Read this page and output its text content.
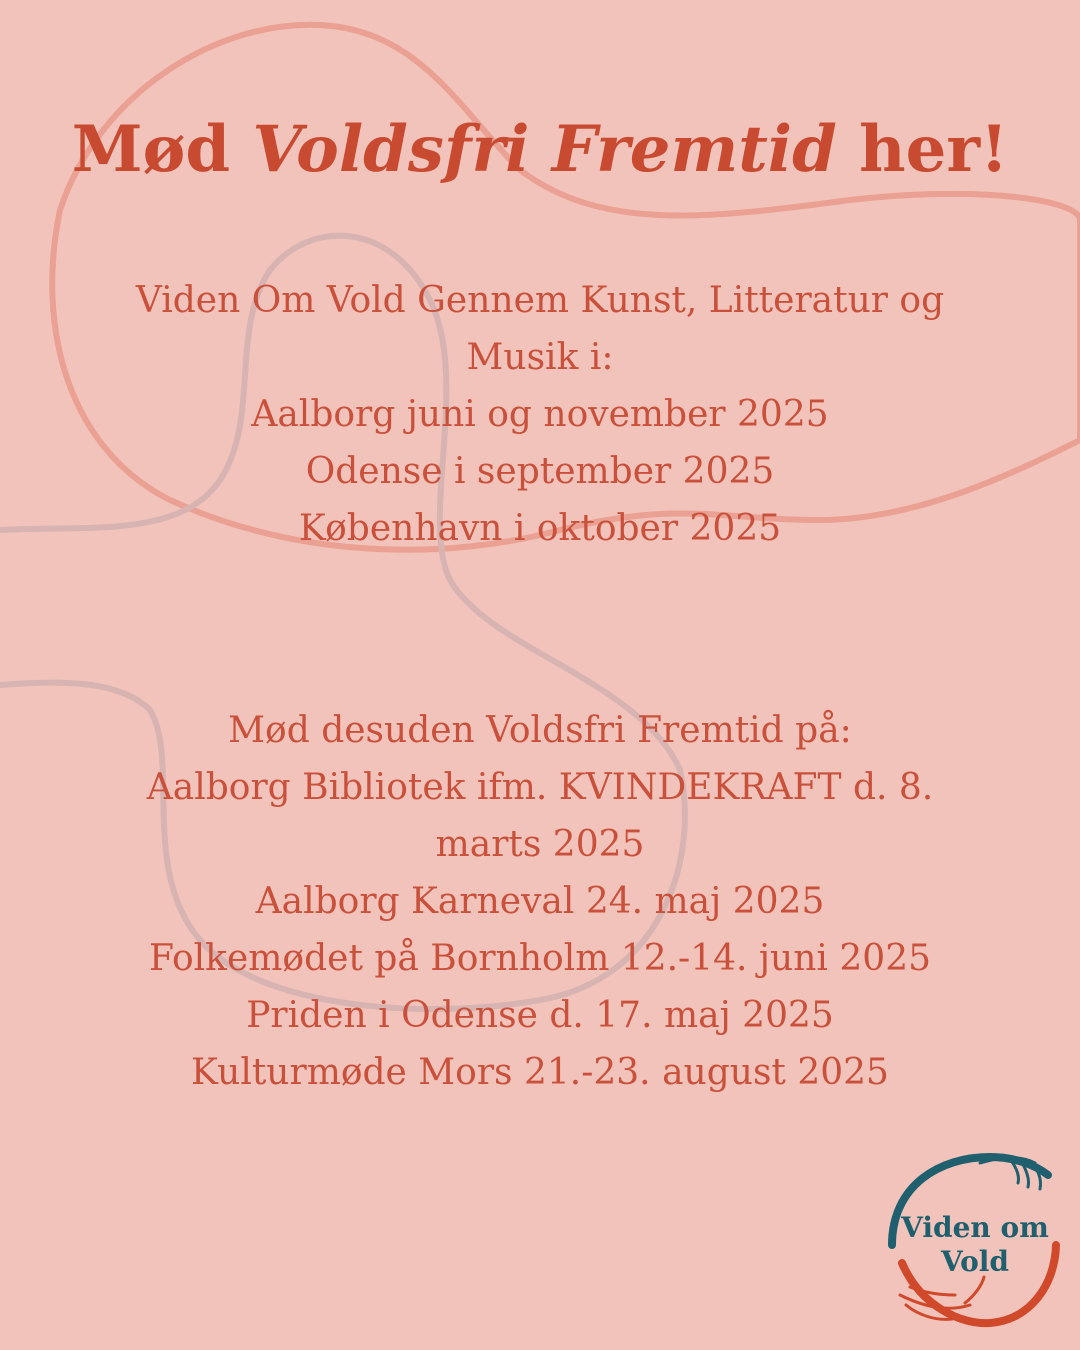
Mød Voldsfri Fremtid her!
Viden Om Vold Gennem Kunst, Litteratur og
Musik i:
Aalborg juni og november 2025
Odense i september 2025
København i oktober 2025
Mød desuden Voldsfri Fremtid på:
Aalborg Bibliotek ifm. KVINDEKRAFT d. 8.
marts 2025
Aalborg Karneval 24. maj 2025
Folkemødet på Bornholm 12.-14. juni 2025
Priden i Odense d. 17. maj 2025
Kulturmøde Mors 21.-23. august 2025
Viden om
Vold
